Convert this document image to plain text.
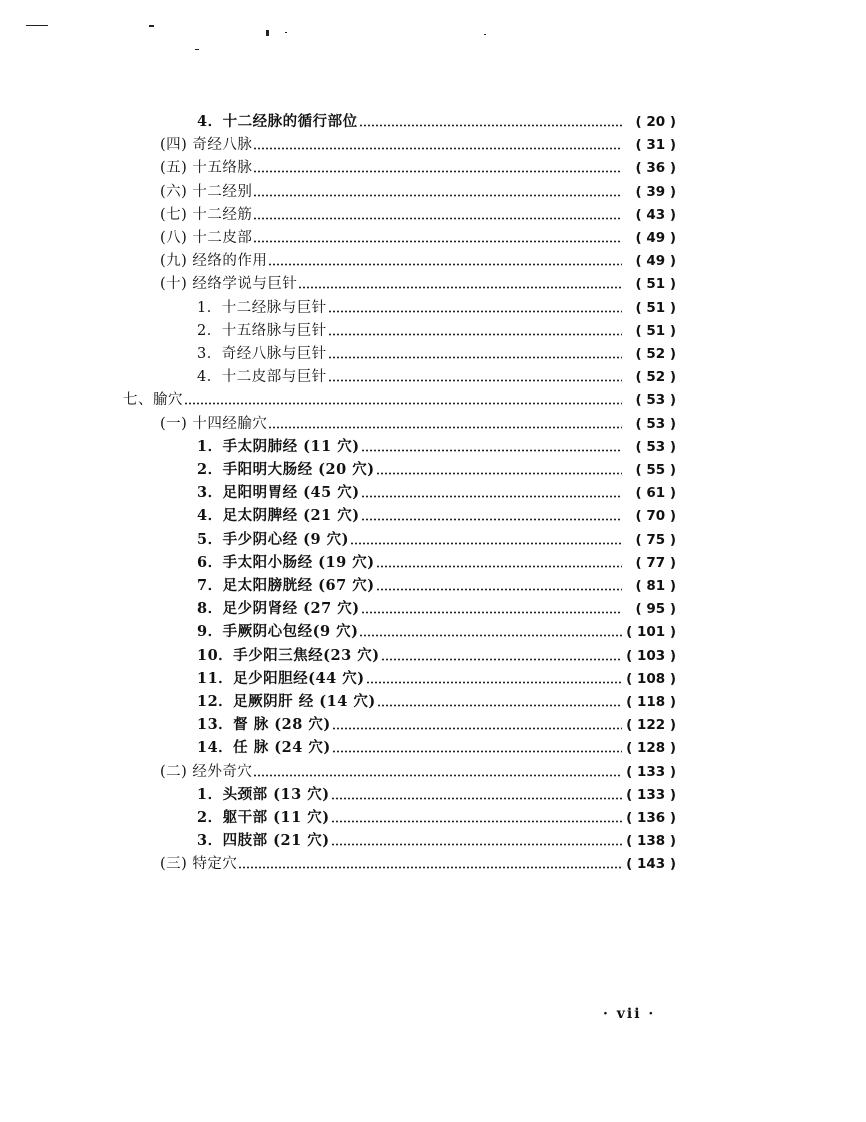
4．十二经脉的循行部位	( 20 )
(四) 奇经八脉	( 31 )
(五) 十五络脉	( 36 )
(六) 十二经别	( 39 )
(七) 十二经筋	( 43 )
(八) 十二皮部	( 49 )
(九) 经络的作用	( 49 )
(十) 经络学说与巨针	( 51 )
1．十二经脉与巨针	( 51 )
2．十五络脉与巨针	( 51 )
3．奇经八脉与巨针	( 52 )
4．十二皮部与巨针	( 52 )
七、腧穴	( 53 )
(一) 十四经腧穴	( 53 )
1．手太阴肺经 (11 穴)	( 53 )
2．手阳明大肠经 (20 穴)	( 55 )
3．足阳明胃经 (45 穴)	( 61 )
4．足太阴脾经 (21 穴)	( 70 )
5．手少阴心经 (9 穴)	( 75 )
6．手太阳小肠经 (19 穴)	( 77 )
7．足太阳膀胱经 (67 穴)	( 81 )
8．足少阴肾经 (27 穴)	( 95 )
9．手厥阴心包经(9 穴)	( 101 )
10．手少阳三焦经(23 穴)	( 103 )
11．足少阳胆经(44 穴)	( 108 )
12．足厥阴肝 经 (14 穴)	( 118 )
13．督 脉 (28 穴)	( 122 )
14．任 脉 (24 穴)	( 128 )
(二) 经外奇穴	( 133 )
1．头颈部 (13 穴)	( 133 )
2．躯干部 (11 穴)	( 136 )
3．四肢部 (21 穴)	( 138 )
(三) 特定穴	( 143 )
· vii ·
